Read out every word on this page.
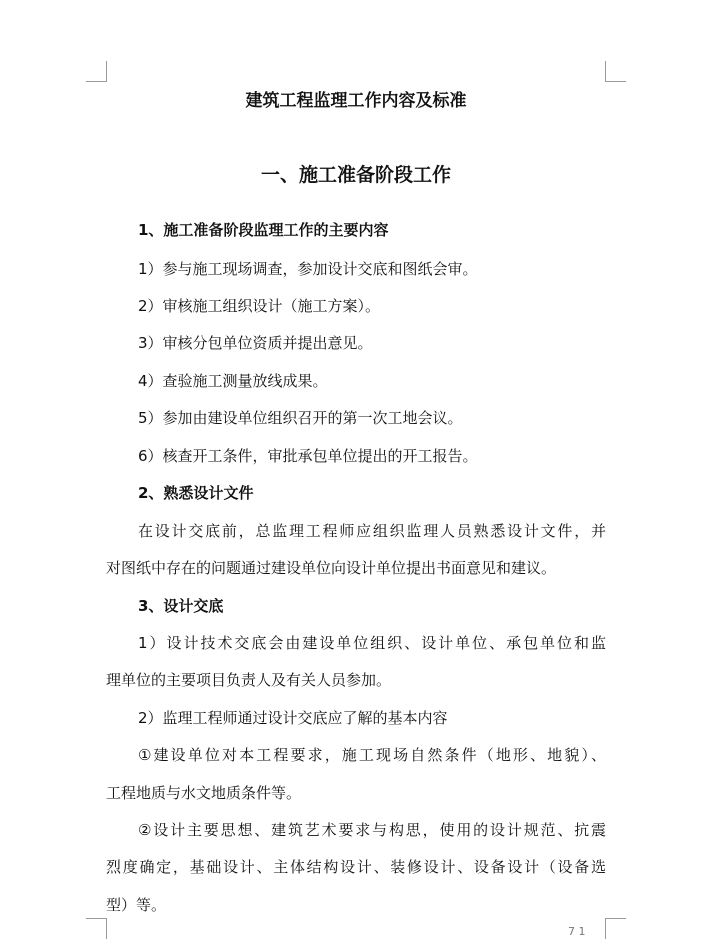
建筑工程监理工作内容及标准
一、施工准备阶段工作
1、施工准备阶段监理工作的主要内容
1）参与施工现场调查，参加设计交底和图纸会审。
2）审核施工组织设计（施工方案）。
3）审核分包单位资质并提出意见。
4）查验施工测量放线成果。
5）参加由建设单位组织召开的第一次工地会议。
6）核查开工条件，审批承包单位提出的开工报告。
2、熟悉设计文件
在设计交底前，总监理工程师应组织监理人员熟悉设计文件，并
对图纸中存在的问题通过建设单位向设计单位提出书面意见和建议。
3、设计交底
1）设计技术交底会由建设单位组织、设计单位、承包单位和监
理单位的主要项目负责人及有关人员参加。
2）监理工程师通过设计交底应了解的基本内容
①建设单位对本工程要求，施工现场自然条件（地形、地貌）、
工程地质与水文地质条件等。
②设计主要思想、建筑艺术要求与构思，使用的设计规范、抗震
烈度确定，基础设计、主体结构设计、装修设计、设备设计（设备选
型）等。
7 1
